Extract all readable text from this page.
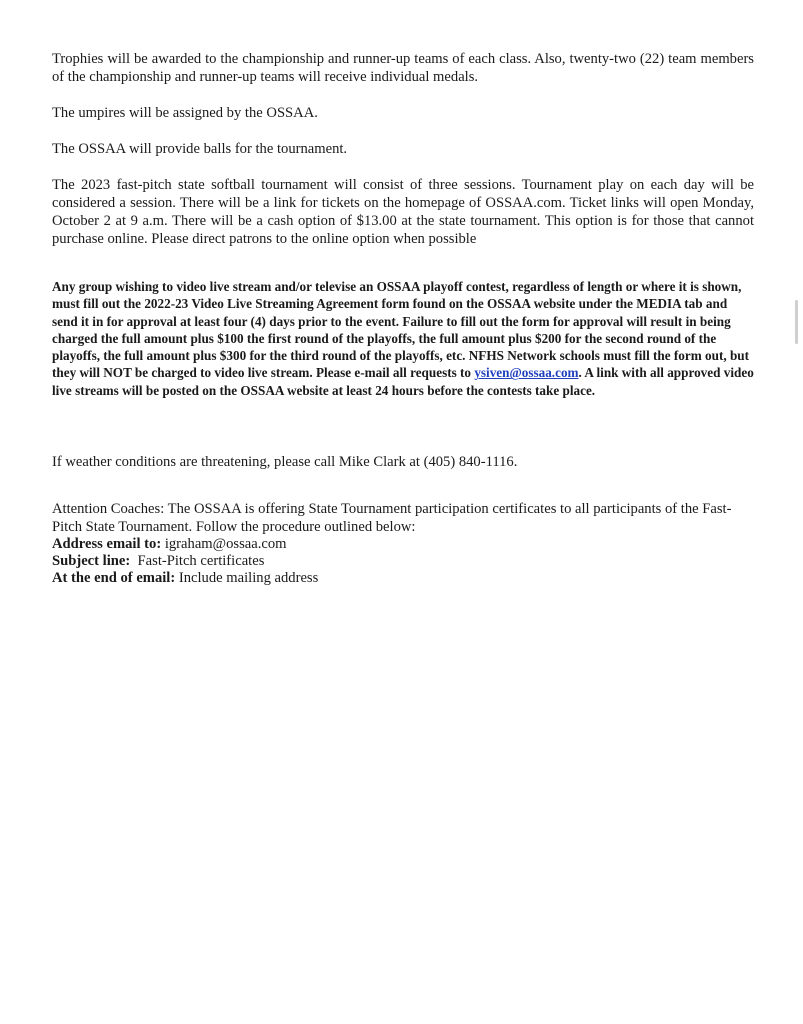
Trophies will be awarded to the championship and runner-up teams of each class. Also, twenty-two (22) team members of the championship and runner-up teams will receive individual medals.

The umpires will be assigned by the OSSAA.

The OSSAA will provide balls for the tournament.

The 2023 fast-pitch state softball tournament will consist of three sessions. Tournament play on each day will be considered a session. There will be a link for tickets on the homepage of OSSAA.com. Ticket links will open Monday, October 2 at 9 a.m. There will be a cash option of $13.00 at the state tournament. This option is for those that cannot purchase online. Please direct patrons to the online option when possible

Any group wishing to video live stream and/or televise an OSSAA playoff contest, regardless of length or where it is shown, must fill out the 2022-23 Video Live Streaming Agreement form found on the OSSAA website under the MEDIA tab and send it in for approval at least four (4) days prior to the event. Failure to fill out the form for approval will result in being charged the full amount plus $100 the first round of the playoffs, the full amount plus $200 for the second round of the playoffs, the full amount plus $300 for the third round of the playoffs, etc. NFHS Network schools must fill the form out, but they will NOT be charged to video live stream. Please e-mail all requests to ysiven@ossaa.com. A link with all approved video live streams will be posted on the OSSAA website at least 24 hours before the contests take place.

If weather conditions are threatening, please call Mike Clark at (405) 840-1116.

Attention Coaches: The OSSAA is offering State Tournament participation certificates to all participants of the Fast-Pitch State Tournament. Follow the procedure outlined below:

Address email to: igraham@ossaa.com

Subject line:  Fast-Pitch certificates

At the end of email: Include mailing address
